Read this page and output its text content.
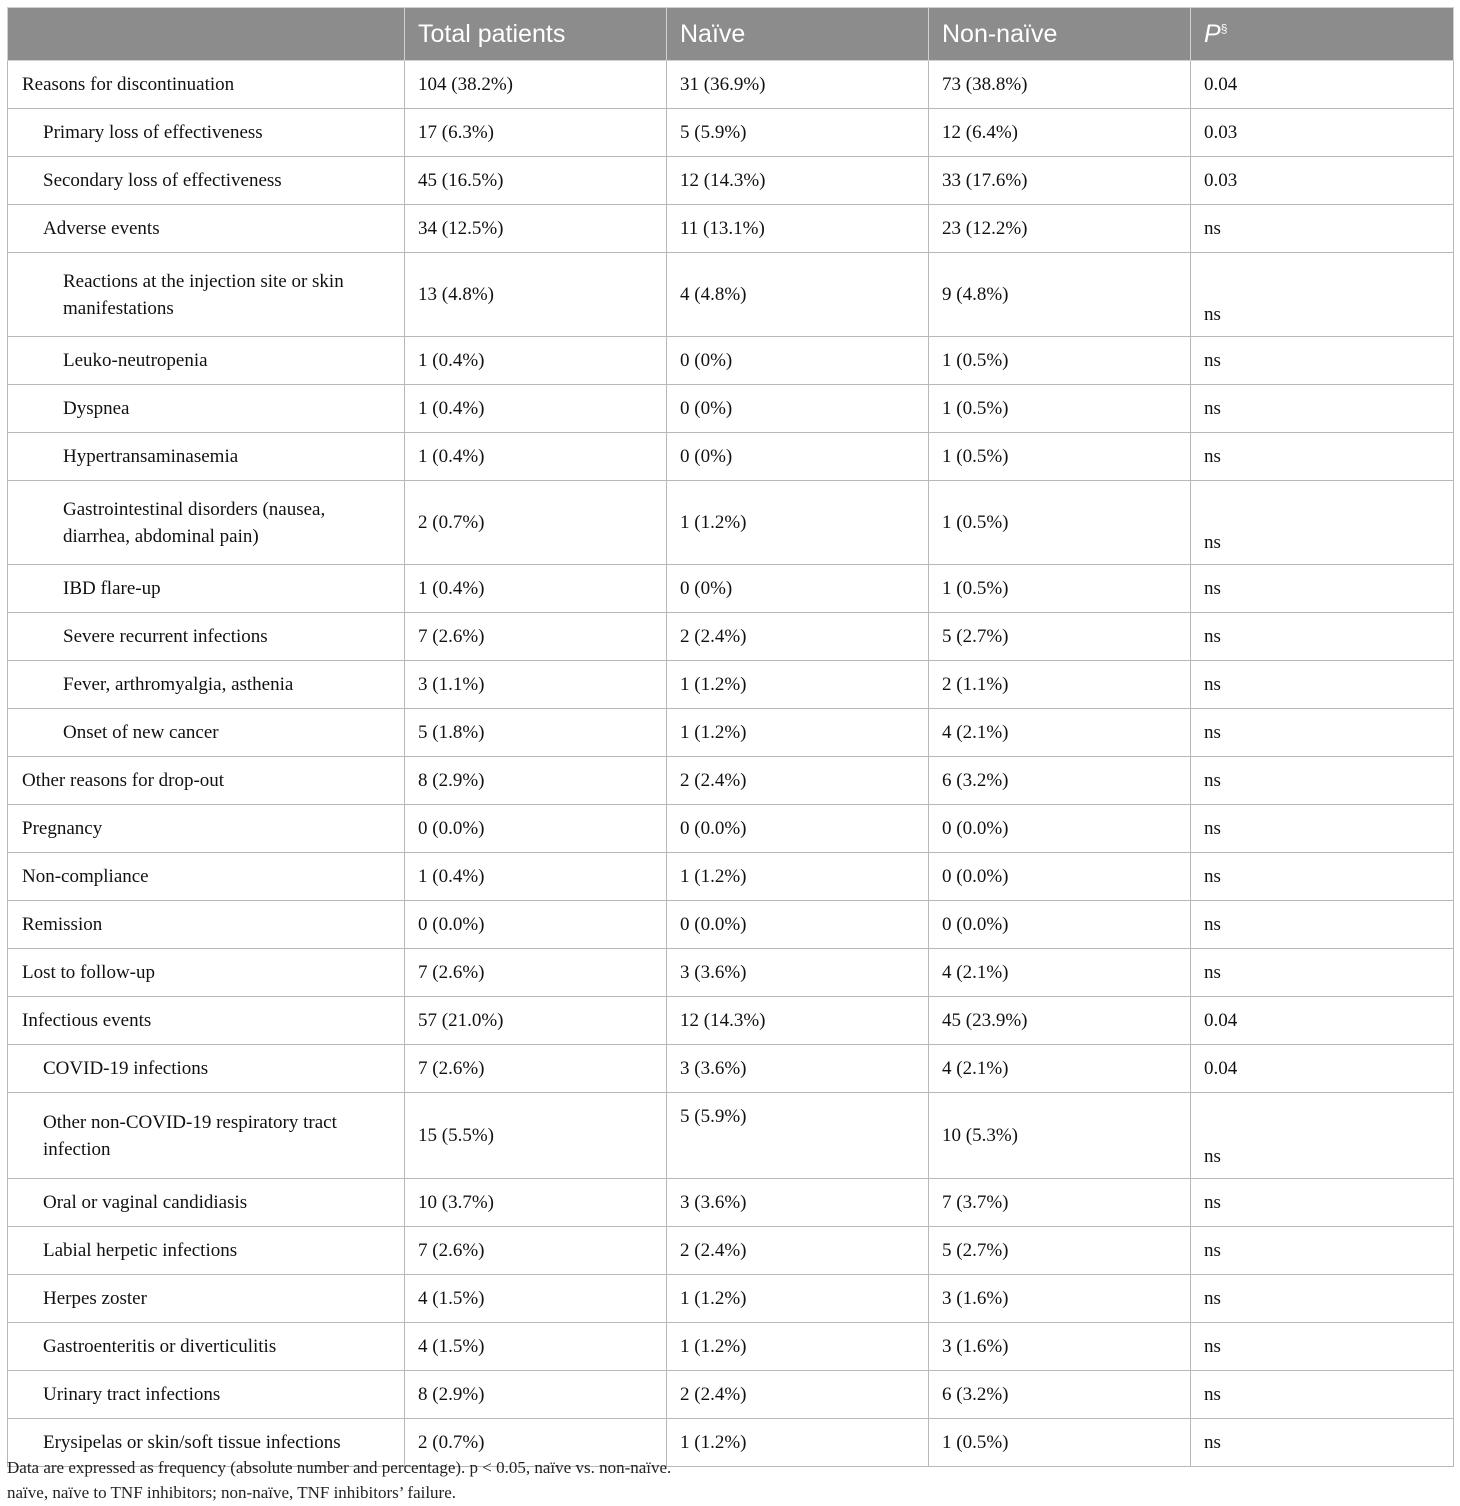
	Total patients	Naïve	Non-naïve	P§
Reasons for discontinuation	104 (38.2%)	31 (36.9%)	73 (38.8%)	0.04
Primary loss of effectiveness	17 (6.3%)	5 (5.9%)	12 (6.4%)	0.03
Secondary loss of effectiveness	45 (16.5%)	12 (14.3%)	33 (17.6%)	0.03
Adverse events	34 (12.5%)	11 (13.1%)	23 (12.2%)	ns
Reactions at the injection site or skin manifestations	13 (4.8%)	4 (4.8%)	9 (4.8%)	ns
Leuko-neutropenia	1 (0.4%)	0 (0%)	1 (0.5%)	ns
Dyspnea	1 (0.4%)	0 (0%)	1 (0.5%)	ns
Hypertransaminasemia	1 (0.4%)	0 (0%)	1 (0.5%)	ns
Gastrointestinal disorders (nausea, diarrhea, abdominal pain)	2 (0.7%)	1 (1.2%)	1 (0.5%)	ns
IBD flare-up	1 (0.4%)	0 (0%)	1 (0.5%)	ns
Severe recurrent infections	7 (2.6%)	2 (2.4%)	5 (2.7%)	ns
Fever, arthromyalgia, asthenia	3 (1.1%)	1 (1.2%)	2 (1.1%)	ns
Onset of new cancer	5 (1.8%)	1 (1.2%)	4 (2.1%)	ns
Other reasons for drop-out	8 (2.9%)	2 (2.4%)	6 (3.2%)	ns
Pregnancy	0 (0.0%)	0 (0.0%)	0 (0.0%)	ns
Non-compliance	1 (0.4%)	1 (1.2%)	0 (0.0%)	ns
Remission	0 (0.0%)	0 (0.0%)	0 (0.0%)	ns
Lost to follow-up	7 (2.6%)	3 (3.6%)	4 (2.1%)	ns
Infectious events	57 (21.0%)	12 (14.3%)	45 (23.9%)	0.04
COVID-19 infections	7 (2.6%)	3 (3.6%)	4 (2.1%)	0.04
Other non-COVID-19 respiratory tract infection	15 (5.5%)	5 (5.9%)	10 (5.3%)	ns
Oral or vaginal candidiasis	10 (3.7%)	3 (3.6%)	7 (3.7%)	ns
Labial herpetic infections	7 (2.6%)	2 (2.4%)	5 (2.7%)	ns
Herpes zoster	4 (1.5%)	1 (1.2%)	3 (1.6%)	ns
Gastroenteritis or diverticulitis	4 (1.5%)	1 (1.2%)	3 (1.6%)	ns
Urinary tract infections	8 (2.9%)	2 (2.4%)	6 (3.2%)	ns
Erysipelas or skin/soft tissue infections	2 (0.7%)	1 (1.2%)	1 (0.5%)	ns
Data are expressed as frequency (absolute number and percentage). p < 0.05, naïve vs. non-naïve.
naïve, naïve to TNF inhibitors; non-naïve, TNF inhibitors’ failure.
